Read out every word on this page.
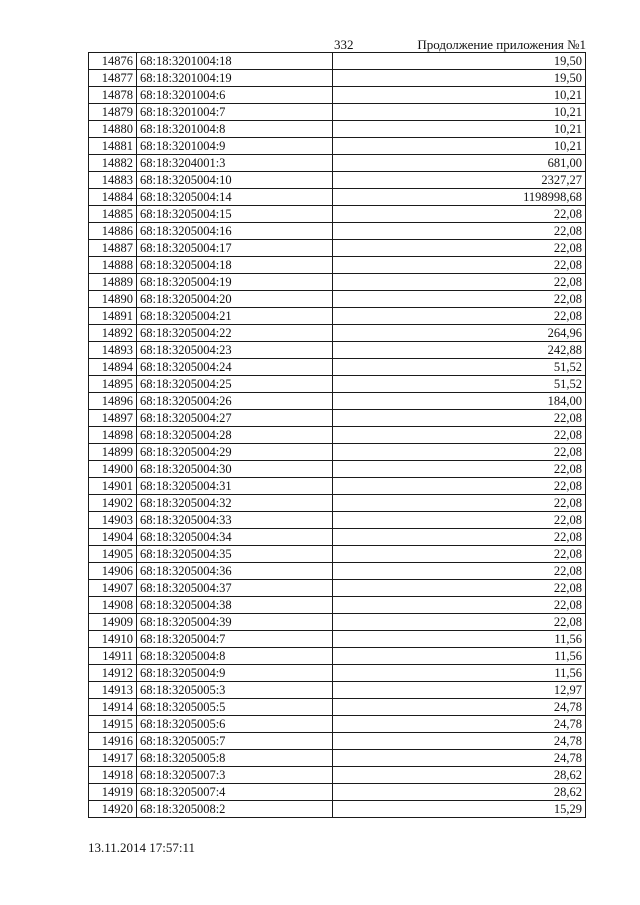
332	Продолжение приложения №1
14876	68:18:3201004:18	19,50
14877	68:18:3201004:19	19,50
14878	68:18:3201004:6	10,21
14879	68:18:3201004:7	10,21
14880	68:18:3201004:8	10,21
14881	68:18:3201004:9	10,21
14882	68:18:3204001:3	681,00
14883	68:18:3205004:10	2327,27
14884	68:18:3205004:14	1198998,68
14885	68:18:3205004:15	22,08
14886	68:18:3205004:16	22,08
14887	68:18:3205004:17	22,08
14888	68:18:3205004:18	22,08
14889	68:18:3205004:19	22,08
14890	68:18:3205004:20	22,08
14891	68:18:3205004:21	22,08
14892	68:18:3205004:22	264,96
14893	68:18:3205004:23	242,88
14894	68:18:3205004:24	51,52
14895	68:18:3205004:25	51,52
14896	68:18:3205004:26	184,00
14897	68:18:3205004:27	22,08
14898	68:18:3205004:28	22,08
14899	68:18:3205004:29	22,08
14900	68:18:3205004:30	22,08
14901	68:18:3205004:31	22,08
14902	68:18:3205004:32	22,08
14903	68:18:3205004:33	22,08
14904	68:18:3205004:34	22,08
14905	68:18:3205004:35	22,08
14906	68:18:3205004:36	22,08
14907	68:18:3205004:37	22,08
14908	68:18:3205004:38	22,08
14909	68:18:3205004:39	22,08
14910	68:18:3205004:7	11,56
14911	68:18:3205004:8	11,56
14912	68:18:3205004:9	11,56
14913	68:18:3205005:3	12,97
14914	68:18:3205005:5	24,78
14915	68:18:3205005:6	24,78
14916	68:18:3205005:7	24,78
14917	68:18:3205005:8	24,78
14918	68:18:3205007:3	28,62
14919	68:18:3205007:4	28,62
14920	68:18:3205008:2	15,29
13.11.2014 17:57:11
